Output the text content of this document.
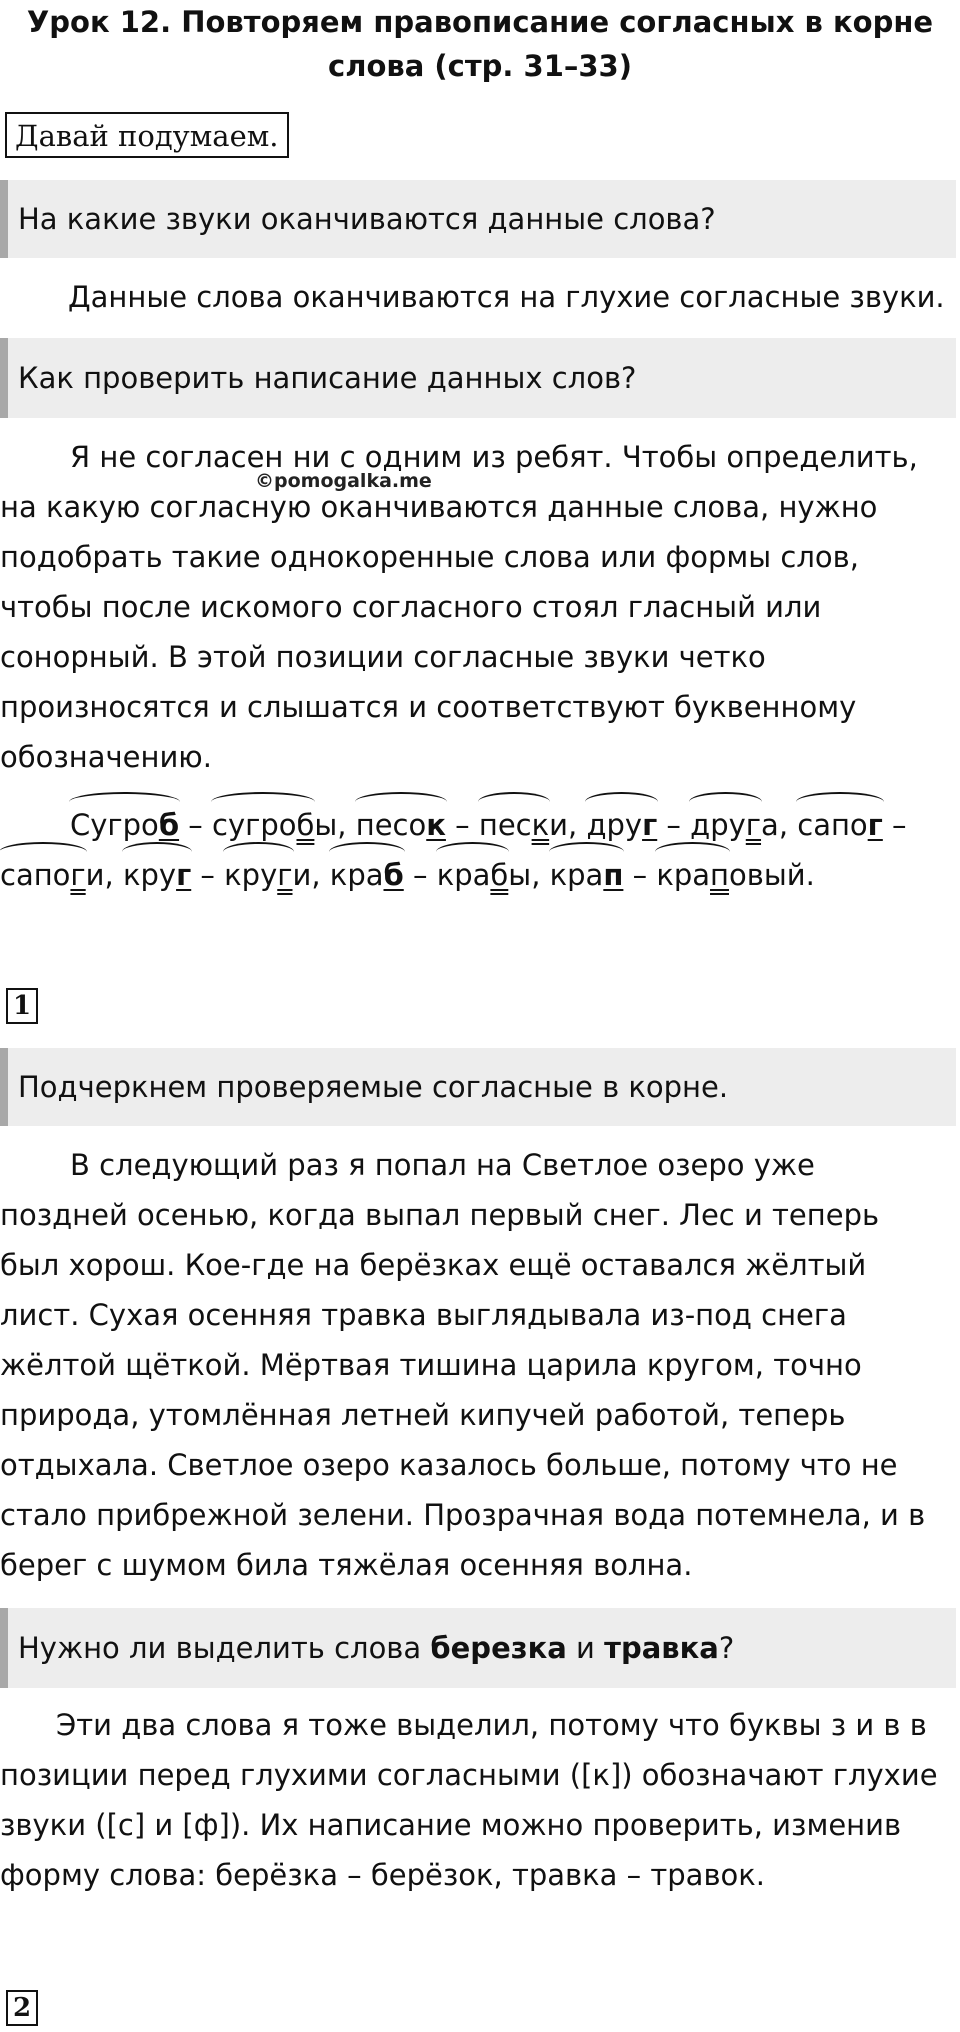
Урок 12. Повторяем правописание согласных в корне
слова (стр. 31–33)
Давай подумаем.
На какие звуки оканчиваются данные слова?
Данные слова оканчиваются на глухие согласные звуки.
Как проверить написание данных слов?
Я не согласен ни с одним из ребят. Чтобы определить,
на какую согласную оканчиваются данные слова, нужно
подобрать такие однокоренные слова или формы слов,
чтобы после искомого согласного стоял гласный или
сонорный. В этой позиции согласные звуки четко
произносятся и слышатся и соответствуют буквенному
обозначению.
©pomogalka.me
Сугроб – сугробы, песок – пески, друг – друга, сапог –
сапоги, круг – круги, краб – крабы, крап – краповый.
1
Подчеркнем проверяемые согласные в корне.
В следующий раз я попал на Светлое озеро уже
поздней осенью, когда выпал первый снег. Лес и теперь
был хорош. Кое-где на берёзках ещё оставался жёлтый
лист. Сухая осенняя травка выглядывала из-под снега
жёлтой щёткой. Мёртвая тишина царила кругом, точно
природа, утомлённая летней кипучей работой, теперь
отдыхала. Светлое озеро казалось больше, потому что не
стало прибрежной зелени. Прозрачная вода потемнела, и в
берег с шумом била тяжёлая осенняя волна.
Нужно ли выделить слова березка и травка?
Эти два слова я тоже выделил, потому что буквы з и в в
позиции перед глухими согласными ([к]) обозначают глухие
звуки ([с] и [ф]). Их написание можно проверить, изменив
форму слова: берёзка – берёзок, травка – травок.
2
